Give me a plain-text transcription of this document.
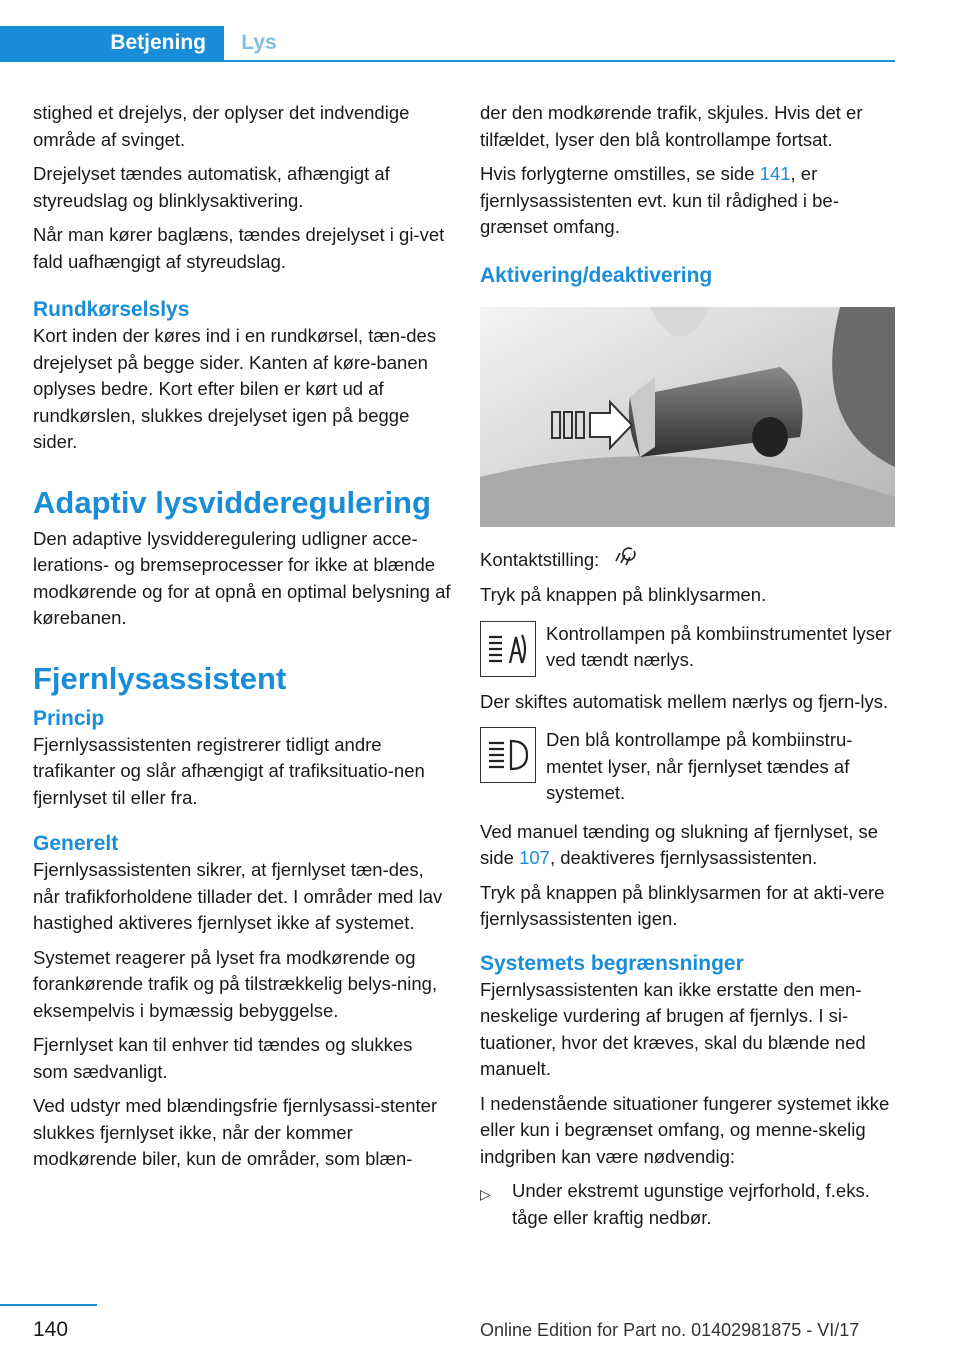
Betjening	Lys

stighed et drejelys, der oplyser det indvendige område af svinget.

Drejelyset tændes automatisk, afhængigt af styreudslag og blinklysaktivering.

Når man kører baglæns, tændes drejelyset i gi‐vet fald uafhængigt af styreudslag.

Rundkørselslys

Kort inden der køres ind i en rundkørsel, tæn‐des drejelyset på begge sider. Kanten af køre‐banen oplyses bedre. Kort efter bilen er kørt ud af rundkørslen, slukkes drejelyset igen på begge sider.

Adaptiv lysvidderegulering

Den adaptive lysvidderegulering udligner acce‐lerations- og bremseprocesser for ikke at blænde modkørende og for at opnå en optimal belysning af kørebanen.

Fjernlysassistent
Princip

Fjernlysassistenten registrerer tidligt andre trafikanter og slår afhængigt af trafiksituatio‐nen fjernlyset til eller fra.

Generelt

Fjernlysassistenten sikrer, at fjernlyset tæn‐des, når trafikforholdene tillader det. I områder med lav hastighed aktiveres fjernlyset ikke af systemet.

Systemet reagerer på lyset fra modkørende og forankørende trafik og på tilstrækkelig belys‐ning, eksempelvis i bymæssig bebyggelse.

Fjernlyset kan til enhver tid tændes og slukkes som sædvanligt.

Ved udstyr med blændingsfrie fjernlysassi‐stenter slukkes fjernlyset ikke, når der kommer modkørende biler, kun de områder, som blæn‐

der den modkørende trafik, skjules. Hvis det er tilfældet, lyser den blå kontrollampe fortsat.

Hvis forlygterne omstilles, se side 141, er fjernlysassistenten evt. kun til rådighed i be‐grænset omfang.

Aktivering/deaktivering

Kontaktstilling:

Tryk på knappen på blinklysarmen.

Kontrollampen på kombiinstrumentet lyser ved tændt nærlys.

Der skiftes automatisk mellem nærlys og fjern‐lys.

Den blå kontrollampe på kombiinstru‐mentet lyser, når fjernlyset tændes af systemet.

Ved manuel tænding og slukning af fjernlyset, se side 107, deaktiveres fjernlysassistenten.

Tryk på knappen på blinklysarmen for at akti‐vere fjernlysassistenten igen.

Systemets begrænsninger

Fjernlysassistenten kan ikke erstatte den men‐neskelige vurdering af brugen af fjernlys. I si‐tuationer, hvor det kræves, skal du blænde ned manuelt.

I nedenstående situationer fungerer systemet ikke eller kun i begrænset omfang, og menne‐skelig indgriben kan være nødvendig:

▷	Under ekstremt ugunstige vejrforhold, f.eks. tåge eller kraftig nedbør.
140	Online Edition for Part no. 01402981875 - VI/17
